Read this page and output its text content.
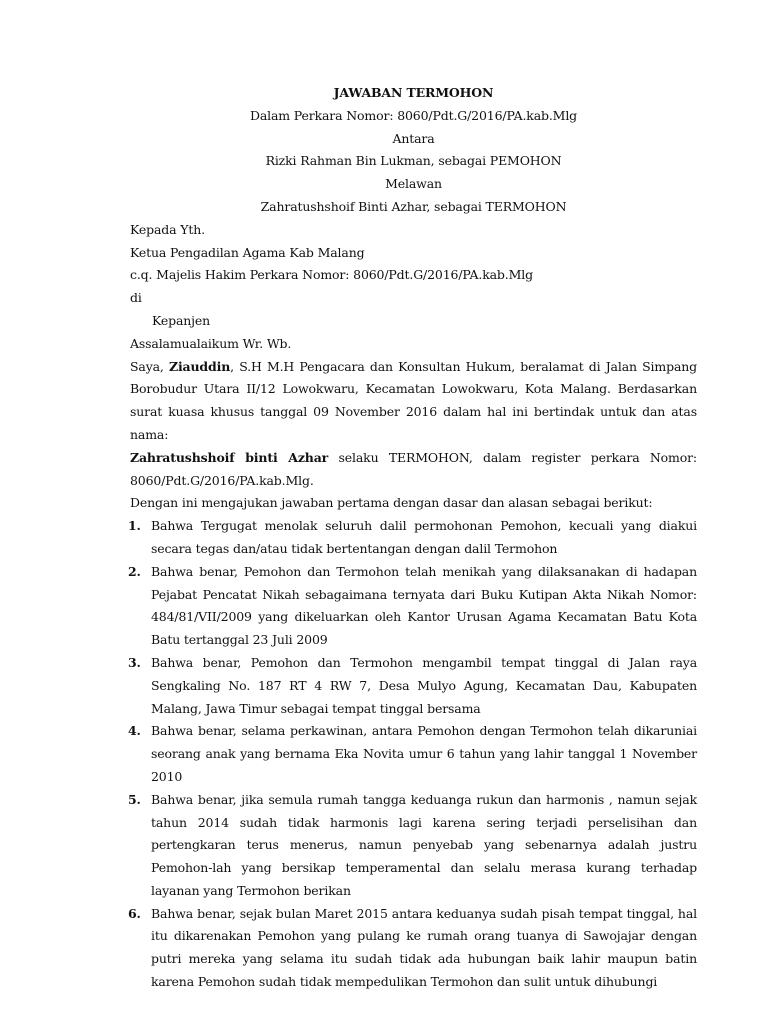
JAWABAN TERMOHON
Dalam Perkara Nomor: 8060/Pdt.G/2016/PA.kab.Mlg
Antara
Rizki Rahman Bin Lukman, sebagai PEMOHON
Melawan
Zahratushshoif Binti Azhar, sebagai TERMOHON
Kepada Yth.
Ketua Pengadilan Agama Kab Malang
c.q. Majelis Hakim Perkara Nomor: 8060/Pdt.G/2016/PA.kab.Mlg
di
Kepanjen
Assalamualaikum Wr. Wb.

Saya, Ziauddin, S.H M.H Pengacara dan Konsultan Hukum, beralamat di Jalan Simpang Borobudur Utara II/12 Lowokwaru, Kecamatan Lowokwaru, Kota Malang. Berdasarkan surat kuasa khusus tanggal 09 November 2016 dalam hal ini bertindak untuk dan atas nama:

Zahratushshoif binti Azhar selaku TERMOHON, dalam register perkara Nomor: 8060/Pdt.G/2016/PA.kab.Mlg.

Dengan ini mengajukan jawaban pertama dengan dasar dan alasan sebagai berikut:

1. Bahwa Tergugat menolak seluruh dalil permohonan Pemohon, kecuali yang diakui secara tegas dan/atau tidak bertentangan dengan dalil Termohon
2. Bahwa benar, Pemohon dan Termohon telah menikah yang dilaksanakan di hadapan Pejabat Pencatat Nikah sebagaimana ternyata dari Buku Kutipan Akta Nikah Nomor: 484/81/VII/2009 yang dikeluarkan oleh Kantor Urusan Agama Kecamatan Batu Kota Batu tertanggal 23 Juli 2009
3. Bahwa benar, Pemohon dan Termohon mengambil tempat tinggal di Jalan raya Sengkaling No. 187 RT 4 RW 7, Desa Mulyo Agung, Kecamatan Dau, Kabupaten Malang, Jawa Timur sebagai tempat tinggal bersama
4. Bahwa benar, selama perkawinan, antara Pemohon dengan Termohon telah dikaruniai seorang anak yang bernama Eka Novita umur 6 tahun yang lahir tanggal 1 November 2010
5. Bahwa benar, jika semula rumah tangga keduanga rukun dan harmonis , namun sejak tahun 2014 sudah tidak harmonis lagi karena sering terjadi perselisihan dan pertengkaran terus menerus, namun penyebab yang sebenarnya adalah justru Pemohon-lah yang bersikap temperamental dan selalu merasa kurang terhadap layanan yang Termohon berikan
6. Bahwa benar, sejak bulan Maret 2015 antara keduanya sudah pisah tempat tinggal, hal itu dikarenakan Pemohon yang pulang ke rumah orang tuanya di Sawojajar dengan putri mereka yang selama itu sudah tidak ada hubungan baik lahir maupun batin karena Pemohon sudah tidak mempedulikan Termohon dan sulit untuk dihubungi
